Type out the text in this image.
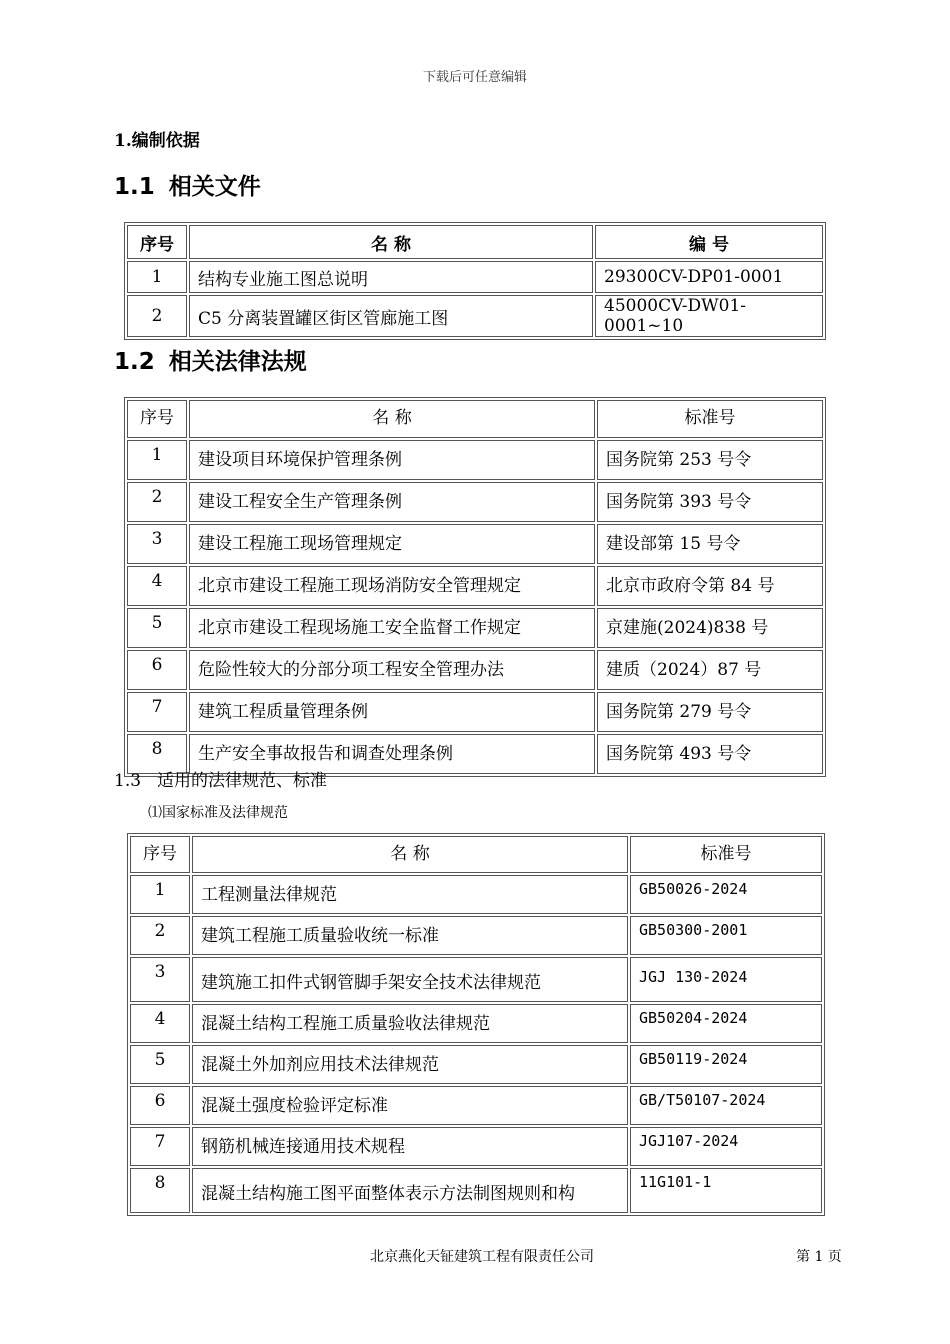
下载后可任意编辑
1.编制依据
1.1 相关文件
序号	名 称	编 号
1	结构专业施工图总说明	29300CV-DP01-0001
2	C5 分离装置罐区街区管廊施工图	45000CV-DW01-0001~10
1.2 相关法律法规
序号	名 称	标准号
1	建设项目环境保护管理条例	国务院第 253 号令
2	建设工程安全生产管理条例	国务院第 393 号令
3	建设工程施工现场管理规定	建设部第 15 号令
4	北京市建设工程施工现场消防安全管理规定	北京市政府令第 84 号
5	北京市建设工程现场施工安全监督工作规定	京建施(2024)838 号
6	危险性较大的分部分项工程安全管理办法	建质（2024）87 号
7	建筑工程质量管理条例	国务院第 279 号令
8	生产安全事故报告和调查处理条例	国务院第 493 号令
1.3 适用的法律规范、标准
⑴国家标准及法律规范
序号	名 称	标准号
1	工程测量法律规范	GB50026-2024
2	建筑工程施工质量验收统一标准	GB50300-2001
3	建筑施工扣件式钢管脚手架安全技术法律规范	JGJ 130-2024
4	混凝土结构工程施工质量验收法律规范	GB50204-2024
5	混凝土外加剂应用技术法律规范	GB50119-2024
6	混凝土强度检验评定标准	GB/T50107-2024
7	钢筋机械连接通用技术规程	JGJ107-2024
8	混凝土结构施工图平面整体表示方法制图规则和构	11G101-1
北京燕化天钲建筑工程有限责任公司	第 1 页
